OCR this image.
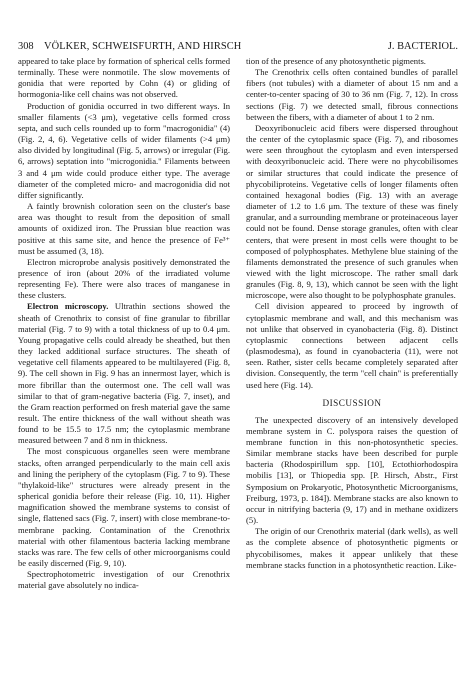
308 VÖLKER, SCHWEISFURTH, AND HIRSCH	J. BACTERIOL.

appeared to take place by formation of spherical cells formed terminally. These were nonmotile. The slow movements of gonidia that were reported by Cohn (4) or gliding of hormogonia-like cell chains was not observed.

Production of gonidia occurred in two different ways. In smaller filaments (<3 μm), vegetative cells formed cross septa, and such cells rounded up to form "macrogonidia" (4) (Fig. 2, 4, 6). Vegetative cells of wider filaments (>4 μm) also divided by longitudinal (Fig. 5, arrows) or irregular (Fig. 6, arrows) septation into "microgonidia." Filaments between 3 and 4 μm wide could produce either type. The average diameter of the completed micro- and macrogonidia did not differ significantly.

A faintly brownish coloration seen on the cluster's base area was thought to result from the deposition of small amounts of oxidized iron. The Prussian blue reaction was positive at this same site, and hence the presence of Fe³⁺ must be assumed (3, 18).

Electron microprobe analysis positively demonstrated the presence of iron (about 20% of the irradiated volume representing Fe). There were also traces of manganese in these clusters.

Electron microscopy. Ultrathin sections showed the sheath of Crenothrix to consist of fine granular to fibrillar material (Fig. 7 to 9) with a total thickness of up to 0.4 μm. Young propagative cells could already be sheathed, but then they lacked additional surface structures. The sheath of vegetative cell filaments appeared to be multilayered (Fig. 8, 9). The cell shown in Fig. 9 has an innermost layer, which is more fibrillar than the outermost one. The cell wall was similar to that of gram-negative bacteria (Fig. 7, inset), and the Gram reaction performed on fresh material gave the same result. The entire thickness of the wall without sheath was found to be 15.5 to 17.5 nm; the cytoplasmic membrane measured between 7 and 8 nm in thickness.

The most conspicuous organelles seen were membrane stacks, often arranged perpendicularly to the main cell axis and lining the periphery of the cytoplasm (Fig. 7 to 9). These "thylakoid-like" structures were already present in the spherical gonidia before their release (Fig. 10, 11). Higher magnification showed the membrane systems to consist of single, flattened sacs (Fig. 7, insert) with close membrane-to-membrane packing. Contamination of the Crenothrix material with other filamentous bacteria lacking membrane stacks was rare. The few cells of other microorganisms could be easily discerned (Fig. 9, 10).

Spectrophotometric investigation of our Crenothrix material gave absolutely no indica-

tion of the presence of any photosynthetic pigments.

The Crenothrix cells often contained bundles of parallel fibers (not tubules) with a diameter of about 15 nm and a center-to-center spacing of 30 to 36 nm (Fig. 7, 12). In cross sections (Fig. 7) we detected small, fibrous connections between the fibers, with a diameter of about 1 to 2 nm.

Deoxyribonucleic acid fibers were dispersed throughout the center of the cytoplasmic space (Fig. 7), and ribosomes were seen throughout the cytoplasm and even interspersed with deoxyribonucleic acid. There were no phycobilisomes or similar structures that could indicate the presence of phycobiliproteins. Vegetative cells of longer filaments often contained hexagonal bodies (Fig. 13) with an average diameter of 1.2 to 1.6 μm. The texture of these was finely granular, and a surrounding membrane or proteinaceous layer could not be found. Dense storage granules, often with clear centers, that were present in most cells were thought to be composed of polyphosphates. Methylene blue staining of the filaments demonstrated the presence of such granules when viewed with the light microscope. The rather small dark granules (Fig. 8, 9, 13), which cannot be seen with the light microscope, were also thought to be polyphosphate granules.

Cell division appeared to proceed by ingrowth of cytoplasmic membrane and wall, and this mechanism was not unlike that observed in cyanobacteria (Fig. 8). Distinct cytoplasmic connections between adjacent cells (plasmodesma), as found in cyanobacteria (11), were not seen. Rather, sister cells became completely separated after division. Consequently, the term "cell chain" is preferentially used here (Fig. 14).

DISCUSSION

The unexpected discovery of an intensively developed membrane system in C. polyspora raises the question of membrane function in this non-photosynthetic species. Similar membrane stacks have been described for purple bacteria (Rhodospirillum spp. [10], Ectothiorhodospira mobilis [13], or Thiopedia spp. [P. Hirsch, Abstr., First Symposium on Prokaryotic, Photosynthetic Microorganisms, Freiburg, 1973, p. 184]). Membrane stacks are also known to occur in nitrifying bacteria (9, 17) and in methane oxidizers (5).

The origin of our Crenothrix material (dark wells), as well as the complete absence of photosynthetic pigments or phycobilisomes, makes it appear unlikely that these membrane stacks function in a photosynthetic reaction. Like-
